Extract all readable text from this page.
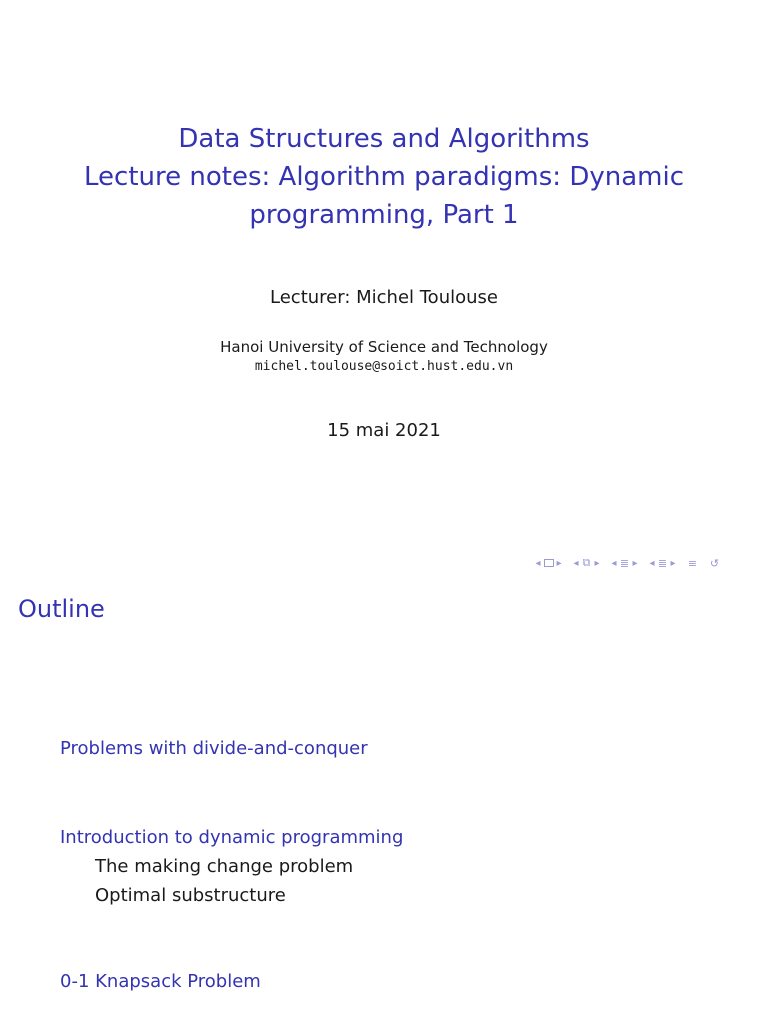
Data Structures and Algorithms
Lecture notes: Algorithm paradigms: Dynamic
programming, Part 1
Lecturer: Michel Toulouse
Hanoi University of Science and Technology
michel.toulouse@soict.hust.edu.vn
15 mai 2021
◂ ▸ ◂ ⧉ ▸ ◂ ≣ ▸ ◂ ≣ ▸ ≡ ↺
Outline
Problems with divide-and-conquer
Introduction to dynamic programming
The making change problem
Optimal substructure
0-1 Knapsack Problem
